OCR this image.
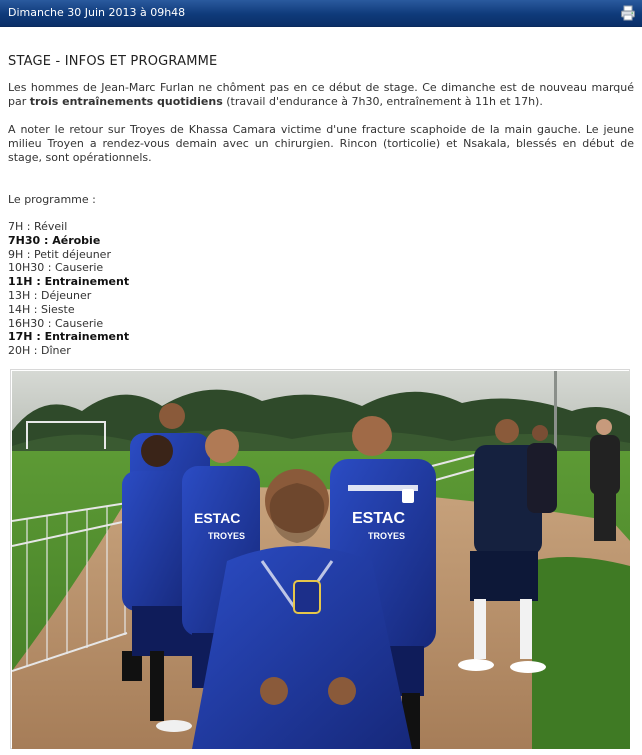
Dimanche 30 Juin 2013 à 09h48
STAGE - INFOS ET PROGRAMME

Les hommes de Jean-Marc Furlan ne chôment pas en ce début de stage. Ce dimanche est de nouveau marqué par trois entraînements quotidiens (travail d'endurance à 7h30, entraînement à 11h et 17h).

A noter le retour sur Troyes de Khassa Camara victime d'une fracture scaphoide de la main gauche. Le jeune milieu Troyen a rendez-vous demain avec un chirurgien. Rincon (torticolie) et Nsakala, blessés en début de stage, sont opérationnels.

Le programme :

7H : Réveil
7H30 : Aérobie
9H : Petit déjeuner
10H30 : Causerie
11H : Entrainement
13H : Déjeuner
14H : Sieste
16H30 : Causerie
17H : Entrainement
20H : Dîner
ESTAC
TROYES
ESTAC
TROYES
